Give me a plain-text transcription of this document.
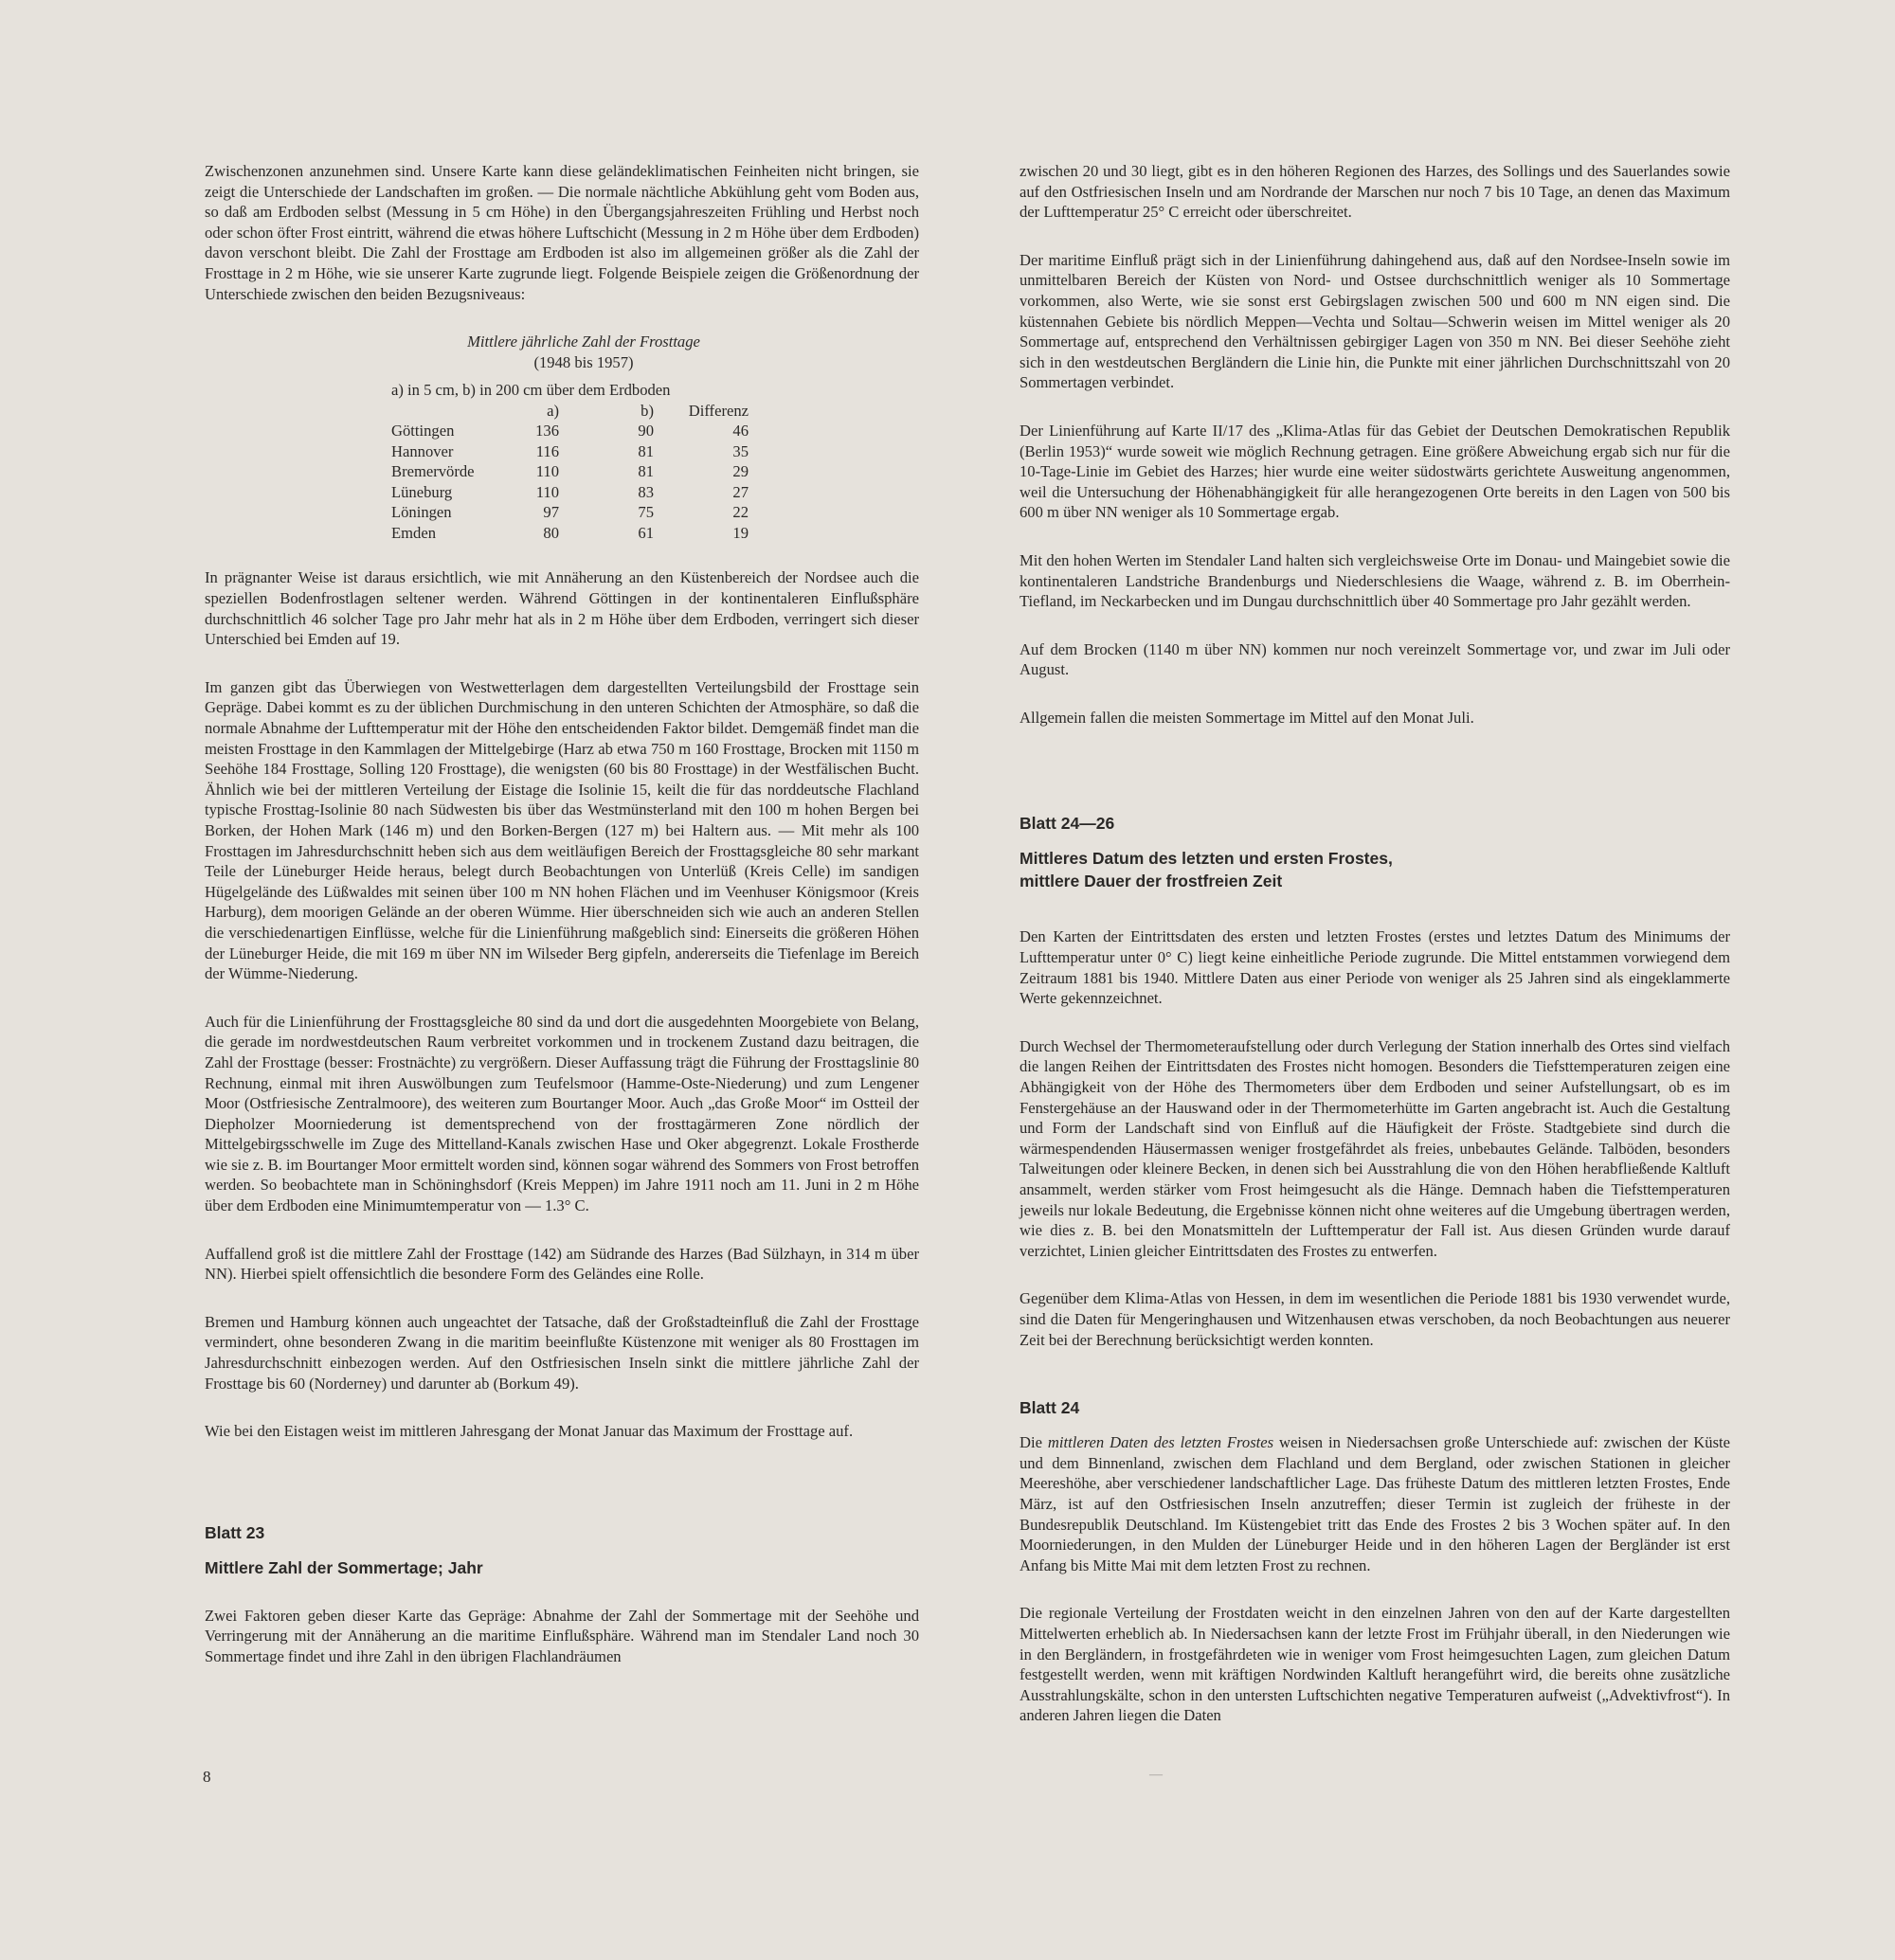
Zwischenzonen anzunehmen sind. Unsere Karte kann diese geländeklimatischen Feinheiten nicht bringen, sie zeigt die Unterschiede der Landschaften im großen. — Die normale nächtliche Abkühlung geht vom Boden aus, so daß am Erdboden selbst (Messung in 5 cm Höhe) in den Übergangsjahreszeiten Frühling und Herbst noch oder schon öfter Frost eintritt, während die etwas höhere Luftschicht (Messung in 2 m Höhe über dem Erdboden) davon verschont bleibt. Die Zahl der Frosttage am Erdboden ist also im allgemeinen größer als die Zahl der Frosttage in 2 m Höhe, wie sie unserer Karte zugrunde liegt. Folgende Beispiele zeigen die Größenordnung der Unterschiede zwischen den beiden Bezugsniveaus:

Mittlere jährliche Zahl der Frosttage
(1948 bis 1957)
a) in 5 cm, b) in 200 cm über dem Erdboden
	a)	b)	Differenz
Göttingen	136	90	46
Hannover	116	81	35
Bremervörde	110	81	29
Lüneburg	110	83	27
Löningen	97	75	22
Emden	80	61	19

In prägnanter Weise ist daraus ersichtlich, wie mit Annäherung an den Küstenbereich der Nordsee auch die speziellen Bodenfrostlagen seltener werden. Während Göttingen in der kontinentaleren Einflußsphäre durchschnittlich 46 solcher Tage pro Jahr mehr hat als in 2 m Höhe über dem Erdboden, verringert sich dieser Unterschied bei Emden auf 19.

Im ganzen gibt das Überwiegen von Westwetterlagen dem dargestellten Verteilungsbild der Frosttage sein Gepräge. Dabei kommt es zu der üblichen Durchmischung in den unteren Schichten der Atmosphäre, so daß die normale Abnahme der Lufttemperatur mit der Höhe den entscheidenden Faktor bildet. Demgemäß findet man die meisten Frosttage in den Kammlagen der Mittelgebirge (Harz ab etwa 750 m 160 Frosttage, Brocken mit 1150 m Seehöhe 184 Frosttage, Solling 120 Frosttage), die wenigsten (60 bis 80 Frosttage) in der Westfälischen Bucht. Ähnlich wie bei der mittleren Verteilung der Eistage die Isolinie 15, keilt die für das norddeutsche Flachland typische Frosttag-Isolinie 80 nach Südwesten bis über das Westmünsterland mit den 100 m hohen Bergen bei Borken, der Hohen Mark (146 m) und den Borken-Bergen (127 m) bei Haltern aus. — Mit mehr als 100 Frosttagen im Jahresdurchschnitt heben sich aus dem weitläufigen Bereich der Frosttagsgleiche 80 sehr markant Teile der Lüneburger Heide heraus, belegt durch Beobachtungen von Unterlüß (Kreis Celle) im sandigen Hügelgelände des Lüßwaldes mit seinen über 100 m NN hohen Flächen und im Veenhuser Königsmoor (Kreis Harburg), dem moorigen Gelände an der oberen Wümme. Hier überschneiden sich wie auch an anderen Stellen die verschiedenartigen Einflüsse, welche für die Linienführung maßgeblich sind: Einerseits die größeren Höhen der Lüneburger Heide, die mit 169 m über NN im Wilseder Berg gipfeln, andererseits die Tiefenlage im Bereich der Wümme-Niederung.

Auch für die Linienführung der Frosttagsgleiche 80 sind da und dort die ausgedehnten Moorgebiete von Belang, die gerade im nordwestdeutschen Raum verbreitet vorkommen und in trockenem Zustand dazu beitragen, die Zahl der Frosttage (besser: Frostnächte) zu vergrößern. Dieser Auffassung trägt die Führung der Frosttagslinie 80 Rechnung, einmal mit ihren Auswölbungen zum Teufelsmoor (Hamme-Oste-Niederung) und zum Lengener Moor (Ostfriesische Zentralmoore), des weiteren zum Bourtanger Moor. Auch „das Große Moor“ im Ostteil der Diepholzer Moorniederung ist dementsprechend von der frosttagärmeren Zone nördlich der Mittelgebirgsschwelle im Zuge des Mittelland-Kanals zwischen Hase und Oker abgegrenzt. Lokale Frostherde wie sie z. B. im Bourtanger Moor ermittelt worden sind, können sogar während des Sommers von Frost betroffen werden. So beobachtete man in Schöninghsdorf (Kreis Meppen) im Jahre 1911 noch am 11. Juni in 2 m Höhe über dem Erdboden eine Minimumtemperatur von — 1.3° C.

Auffallend groß ist die mittlere Zahl der Frosttage (142) am Südrande des Harzes (Bad Sülzhayn, in 314 m über NN). Hierbei spielt offensichtlich die besondere Form des Geländes eine Rolle.

Bremen und Hamburg können auch ungeachtet der Tatsache, daß der Großstadteinfluß die Zahl der Frosttage vermindert, ohne besonderen Zwang in die maritim beeinflußte Küstenzone mit weniger als 80 Frosttagen im Jahresdurchschnitt einbezogen werden. Auf den Ostfriesischen Inseln sinkt die mittlere jährliche Zahl der Frosttage bis 60 (Norderney) und darunter ab (Borkum 49).

Wie bei den Eistagen weist im mittleren Jahresgang der Monat Januar das Maximum der Frosttage auf.

Blatt 23
Mittlere Zahl der Sommertage; Jahr

Zwei Faktoren geben dieser Karte das Gepräge: Abnahme der Zahl der Sommertage mit der Seehöhe und Verringerung mit der Annäherung an die maritime Einflußsphäre. Während man im Stendaler Land noch 30 Sommertage findet und ihre Zahl in den übrigen Flachlandräumen

zwischen 20 und 30 liegt, gibt es in den höheren Regionen des Harzes, des Sollings und des Sauerlandes sowie auf den Ostfriesischen Inseln und am Nordrande der Marschen nur noch 7 bis 10 Tage, an denen das Maximum der Lufttemperatur 25° C erreicht oder überschreitet.

Der maritime Einfluß prägt sich in der Linienführung dahingehend aus, daß auf den Nordsee-Inseln sowie im unmittelbaren Bereich der Küsten von Nord- und Ostsee durchschnittlich weniger als 10 Sommertage vorkommen, also Werte, wie sie sonst erst Gebirgslagen zwischen 500 und 600 m NN eigen sind. Die küstennahen Gebiete bis nördlich Meppen—Vechta und Soltau—Schwerin weisen im Mittel weniger als 20 Sommertage auf, entsprechend den Verhältnissen gebirgiger Lagen von 350 m NN. Bei dieser Seehöhe zieht sich in den westdeutschen Bergländern die Linie hin, die Punkte mit einer jährlichen Durchschnittszahl von 20 Sommertagen verbindet.

Der Linienführung auf Karte II/17 des „Klima-Atlas für das Gebiet der Deutschen Demokratischen Republik (Berlin 1953)“ wurde soweit wie möglich Rechnung getragen. Eine größere Abweichung ergab sich nur für die 10-Tage-Linie im Gebiet des Harzes; hier wurde eine weiter südostwärts gerichtete Ausweitung angenommen, weil die Untersuchung der Höhenabhängigkeit für alle herangezogenen Orte bereits in den Lagen von 500 bis 600 m über NN weniger als 10 Sommertage ergab.

Mit den hohen Werten im Stendaler Land halten sich vergleichsweise Orte im Donau- und Maingebiet sowie die kontinentaleren Landstriche Brandenburgs und Niederschlesiens die Waage, während z. B. im Oberrhein-Tiefland, im Neckarbecken und im Dungau durchschnittlich über 40 Sommertage pro Jahr gezählt werden.

Auf dem Brocken (1140 m über NN) kommen nur noch vereinzelt Sommertage vor, und zwar im Juli oder August.

Allgemein fallen die meisten Sommertage im Mittel auf den Monat Juli.

Blatt 24—26
Mittleres Datum des letzten und ersten Frostes,
mittlere Dauer der frostfreien Zeit

Den Karten der Eintrittsdaten des ersten und letzten Frostes (erstes und letztes Datum des Minimums der Lufttemperatur unter 0° C) liegt keine einheitliche Periode zugrunde. Die Mittel entstammen vorwiegend dem Zeitraum 1881 bis 1940. Mittlere Daten aus einer Periode von weniger als 25 Jahren sind als eingeklammerte Werte gekennzeichnet.

Durch Wechsel der Thermometeraufstellung oder durch Verlegung der Station innerhalb des Ortes sind vielfach die langen Reihen der Eintrittsdaten des Frostes nicht homogen. Besonders die Tiefsttemperaturen zeigen eine Abhängigkeit von der Höhe des Thermometers über dem Erdboden und seiner Aufstellungsart, ob es im Fenstergehäuse an der Hauswand oder in der Thermometerhütte im Garten angebracht ist. Auch die Gestaltung und Form der Landschaft sind von Einfluß auf die Häufigkeit der Fröste. Stadtgebiete sind durch die wärmespendenden Häusermassen weniger frostgefährdet als freies, unbebautes Gelände. Talböden, besonders Talweitungen oder kleinere Becken, in denen sich bei Ausstrahlung die von den Höhen herabfließende Kaltluft ansammelt, werden stärker vom Frost heimgesucht als die Hänge. Demnach haben die Tiefsttemperaturen jeweils nur lokale Bedeutung, die Ergebnisse können nicht ohne weiteres auf die Umgebung übertragen werden, wie dies z. B. bei den Monatsmitteln der Lufttemperatur der Fall ist. Aus diesen Gründen wurde darauf verzichtet, Linien gleicher Eintrittsdaten des Frostes zu entwerfen.

Gegenüber dem Klima-Atlas von Hessen, in dem im wesentlichen die Periode 1881 bis 1930 verwendet wurde, sind die Daten für Mengeringhausen und Witzenhausen etwas verschoben, da noch Beobachtungen aus neuerer Zeit bei der Berechnung berücksichtigt werden konnten.

Blatt 24

Die mittleren Daten des letzten Frostes weisen in Niedersachsen große Unterschiede auf: zwischen der Küste und dem Binnenland, zwischen dem Flachland und dem Bergland, oder zwischen Stationen in gleicher Meereshöhe, aber verschiedener landschaftlicher Lage. Das früheste Datum des mittleren letzten Frostes, Ende März, ist auf den Ostfriesischen Inseln anzutreffen; dieser Termin ist zugleich der früheste in der Bundesrepublik Deutschland. Im Küstengebiet tritt das Ende des Frostes 2 bis 3 Wochen später auf. In den Moorniederungen, in den Mulden der Lüneburger Heide und in den höheren Lagen der Bergländer ist erst Anfang bis Mitte Mai mit dem letzten Frost zu rechnen.

Die regionale Verteilung der Frostdaten weicht in den einzelnen Jahren von den auf der Karte dargestellten Mittelwerten erheblich ab. In Niedersachsen kann der letzte Frost im Frühjahr überall, in den Niederungen wie in den Bergländern, in frostgefährdeten wie in weniger vom Frost heimgesuchten Lagen, zum gleichen Datum festgestellt werden, wenn mit kräftigen Nordwinden Kaltluft herangeführt wird, die bereits ohne zusätzliche Ausstrahlungskälte, schon in den untersten Luftschichten negative Temperaturen aufweist („Advektivfrost“). In anderen Jahren liegen die Daten

8	—
